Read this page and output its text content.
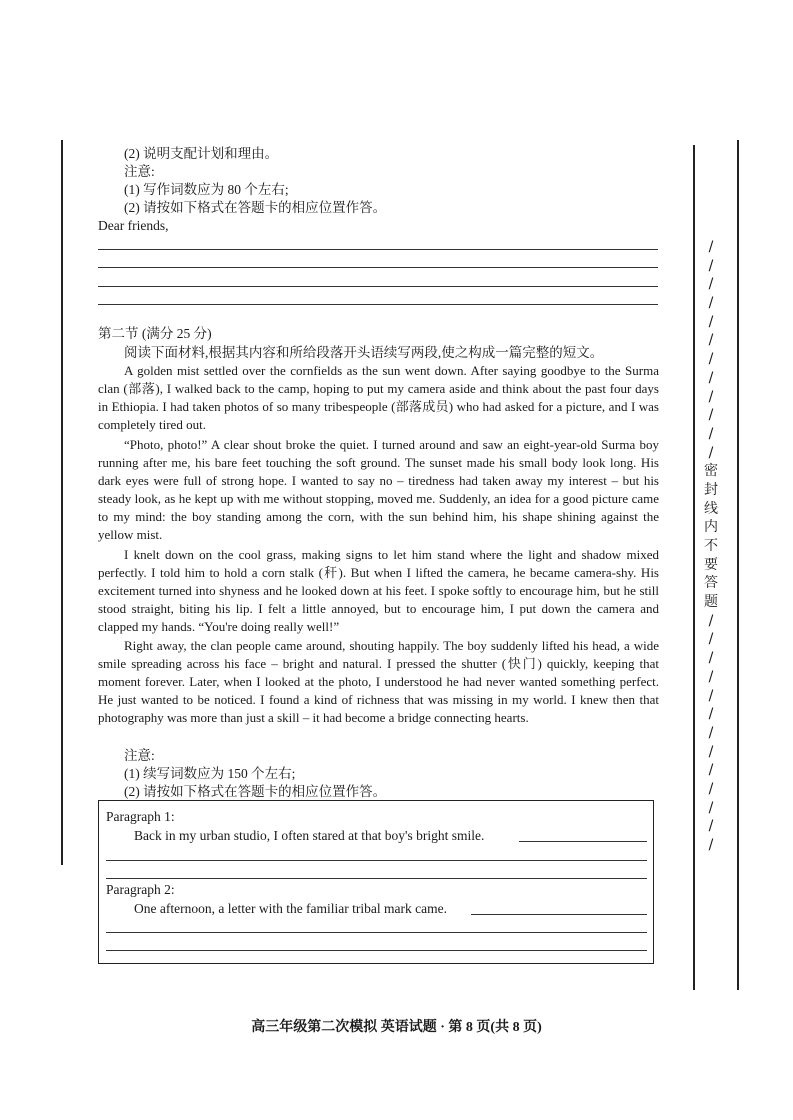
(2) 说明支配计划和理由。

注意:

(1) 写作词数应为 80 个左右;

(2) 请按如下格式在答题卡的相应位置作答。

Dear friends,

第二节 (满分 25 分)

阅读下面材料,根据其内容和所给段落开头语续写两段,使之构成一篇完整的短文。

A golden mist settled over the cornfields as the sun went down. After saying goodbye to the Surma clan (部落), I walked back to the camp, hoping to put my camera aside and think about the past four days in Ethiopia. I had taken photos of so many tribespeople (部落成员) who had asked for a picture, and I was completely tired out.

“Photo, photo!” A clear shout broke the quiet. I turned around and saw an eight-year-old Surma boy running after me, his bare feet touching the soft ground. The sunset made his small body look long. His dark eyes were full of strong hope. I wanted to say no – tiredness had taken away my interest – but his steady look, as he kept up with me without stopping, moved me. Suddenly, an idea for a good picture came to my mind: the boy standing among the corn, with the sun behind him, his shape shining against the yellow mist.

I knelt down on the cool grass, making signs to let him stand where the light and shadow mixed perfectly. I told him to hold a corn stalk (秆). But when I lifted the camera, he became camera-shy. His excitement turned into shyness and he looked down at his feet. I spoke softly to encourage him, but he still stood straight, biting his lip. I felt a little annoyed, but to encourage him, I put down the camera and clapped my hands. “You're doing really well!”

Right away, the clan people came around, shouting happily. The boy suddenly lifted his head, a wide smile spreading across his face – bright and natural. I pressed the shutter (快门) quickly, keeping that moment forever. Later, when I looked at the photo, I understood he had never wanted something perfect. He just wanted to be noticed. I found a kind of richness that was missing in my world. I knew then that photography was more than just a skill – it had become a bridge connecting hearts.

注意:

(1) 续写词数应为 150 个左右;

(2) 请按如下格式在答题卡的相应位置作答。

Paragraph 1:

Back in my urban studio, I often stared at that boy's bright smile.

Paragraph 2:

One afternoon, a letter with the familiar tribal mark came.

/
/
/
/
/
/
/
/
/
/
/
/
密
封
线
内
不
要
答
题
/
/
/
/
/
/
/
/
/
/
/
/
/
高三年级第二次模拟 英语试题 · 第 8 页(共 8 页)
